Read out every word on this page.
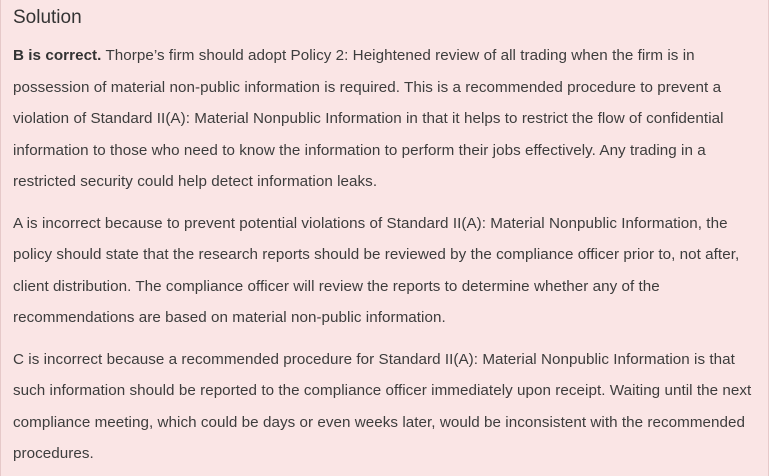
Solution

B is correct. Thorpe’s firm should adopt Policy 2: Heightened review of all trading when the firm is in possession of material non-public information is required. This is a recommended procedure to prevent a violation of Standard II(A): Material Nonpublic Information in that it helps to restrict the flow of confidential information to those who need to know the information to perform their jobs effectively. Any trading in a restricted security could help detect information leaks.

A is incorrect because to prevent potential violations of Standard II(A): Material Nonpublic Information, the policy should state that the research reports should be reviewed by the compliance officer prior to, not after, client distribution. The compliance officer will review the reports to determine whether any of the recommendations are based on material non-public information.

C is incorrect because a recommended procedure for Standard II(A): Material Nonpublic Information is that such information should be reported to the compliance officer immediately upon receipt. Waiting until the next compliance meeting, which could be days or even weeks later, would be inconsistent with the recommended procedures.
